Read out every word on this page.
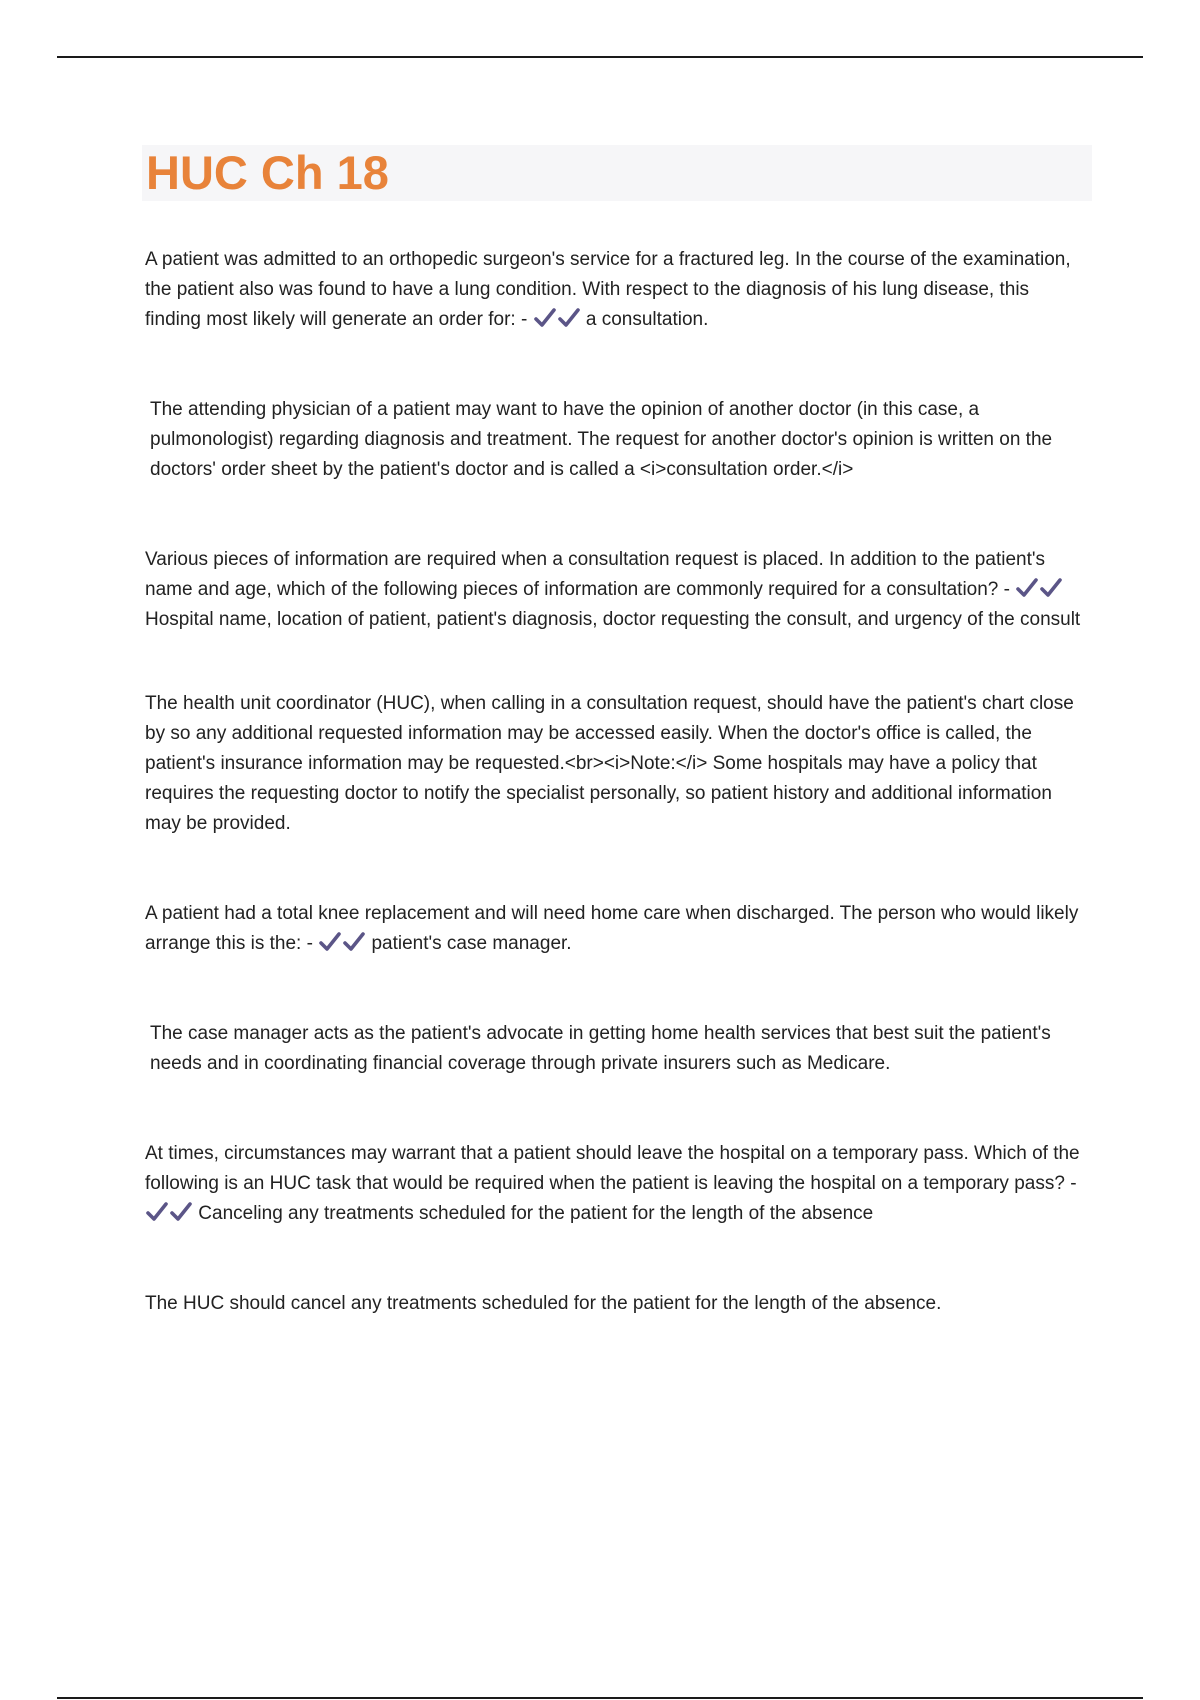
HUC Ch 18

A patient was admitted to an orthopedic surgeon's service for a fractured leg. In the course of the examination, the patient also was found to have a lung condition. With respect to the diagnosis of his lung disease, this finding most likely will generate an order for: -	a consultation.

The attending physician of a patient may want to have the opinion of another doctor (in this case, a pulmonologist) regarding diagnosis and treatment. The request for another doctor's opinion is written on the doctors' order sheet by the patient's doctor and is called a <i>consultation order.</i>

Various pieces of information are required when a consultation request is placed. In addition to the patient's name and age, which of the following pieces of information are commonly required for a consultation? -
Hospital name, location of patient, patient's diagnosis, doctor requesting the consult, and urgency of the consult

The health unit coordinator (HUC), when calling in a consultation request, should have the patient's chart close by so any additional requested information may be accessed easily. When the doctor's office is called, the patient's insurance information may be requested.<br><i>Note:</i> Some hospitals may have a policy that requires the requesting doctor to notify the specialist personally, so patient history and additional information may be provided.

A patient had a total knee replacement and will need home care when discharged. The person who would likely arrange this is the: -	patient's case manager.

The case manager acts as the patient's advocate in getting home health services that best suit the patient's needs and in coordinating financial coverage through private insurers such as Medicare.

At times, circumstances may warrant that a patient should leave the hospital on a temporary pass. Which of the following is an HUC task that would be required when the patient is leaving the hospital on a temporary pass? -
Canceling any treatments scheduled for the patient for the length of the absence

The HUC should cancel any treatments scheduled for the patient for the length of the absence.
